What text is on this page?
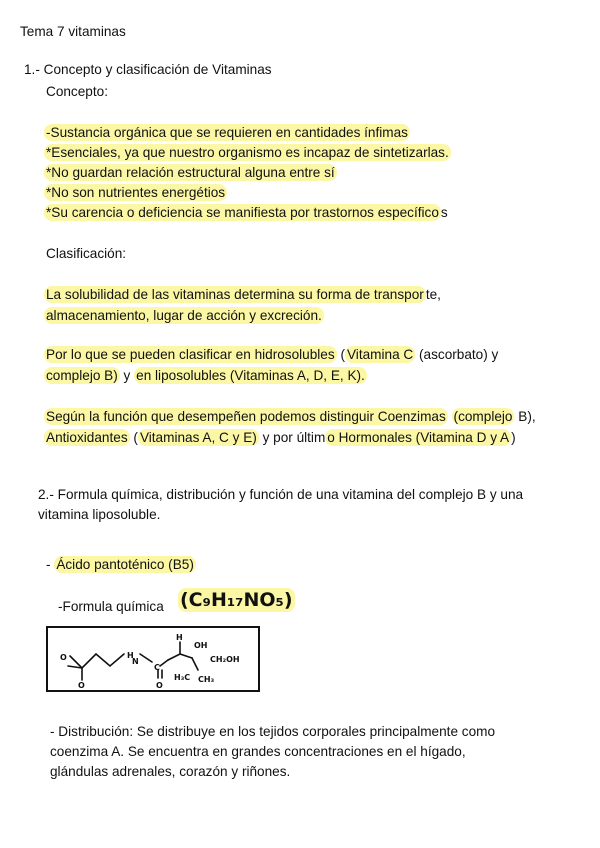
Tema 7 vitaminas
1.- Concepto y clasificación de Vitaminas
Concepto:
-Sustancia orgánica que se requieren en cantidades ínfimas
*Esenciales, ya que nuestro organismo es incapaz de sintetizarlas.
*No guardan relación estructural alguna entre sí
*No son nutrientes energétios
*Su carencia o deficiencia se manifiesta por trastornos específico s
Clasificación:
La solubilidad de las vitaminas determina su forma de transpor te,
almacenamiento, lugar de acción y excreción.
Por lo que se pueden clasificar en hidrosolubles ( Vitamina C (ascorbato) y
complejo B) y en liposolubles (Vitaminas A, D, E, K).
Según la función que desempeñen podemos distinguir Coenzimas (complejo B),
Antioxidantes ( Vitaminas A, C y E) y por últim o Hormonales (Vitamina D y A )
2.- Formula química, distribución y función de una vitamina del complejo B y una
vitamina liposoluble.
- Ácido pantoténico (B5)
-Formula química (C₉H₁₇NO₅)
O
O
H
N
C
O
H
OH
CH₂OH
H₃C CH₃
- Distribución: Se distribuye en los tejidos corporales principalmente como
coenzima A. Se encuentra en grandes concentraciones en el hígado,
glándulas adrenales, corazón y riñones.
